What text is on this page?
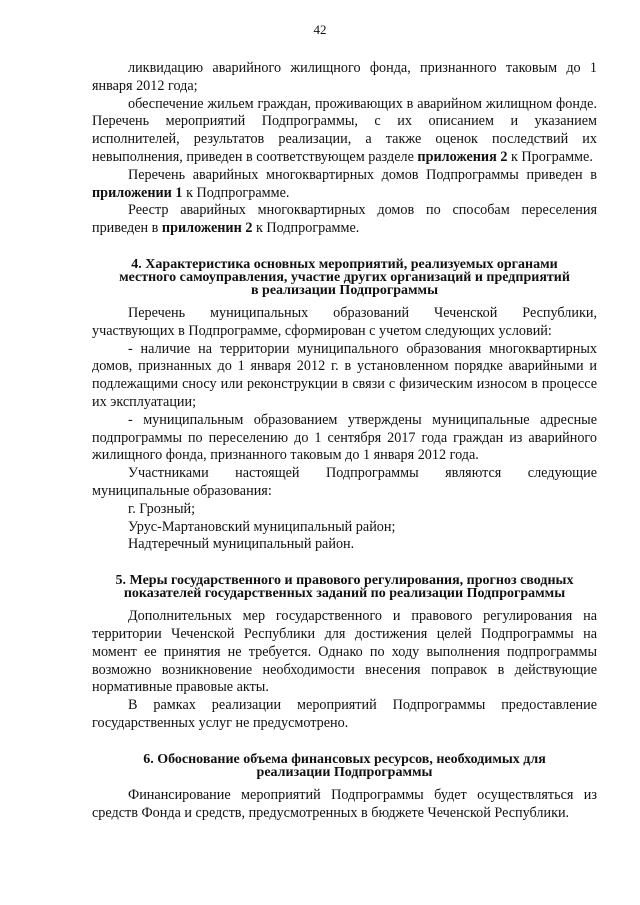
42

ликвидацию аварийного жилищного фонда, признанного таковым до 1 января 2012 года;

обеспечение жильем граждан, проживающих в аварийном жилищном фонде. Перечень мероприятий Подпрограммы, с их описанием и указанием исполнителей, результатов реализации, а также оценок последствий их невыполнения, приведен в соответствующем разделе приложения 2 к Программе.

Перечень аварийных многоквартирных домов Подпрограммы приведен в приложении 1 к Подпрограмме.

Реестр аварийных многоквартирных домов по способам переселения приведен в приложенин 2 к Подпрограмме.

4. Характеристика основных мероприятий, реализуемых органами
местного самоуправления, участие других организаций и предприятий
в реализации Подпрограммы

Перечень муниципальных образований Чеченской Республики, участвующих в Подпрограмме, сформирован с учетом следующих условий:

- наличие на территории муниципального образования многоквартирных домов, признанных до 1 января 2012 г. в установленном порядке аварийными и подлежащими сносу или реконструкции в связи с физическим износом в процессе их эксплуатации;

- муниципальным образованием утверждены муниципальные адресные подпрограммы по переселению до 1 сентября 2017 года граждан из аварийного жилищного фонда, признанного таковым до 1 января 2012 года.

Участниками настоящей Подпрограммы являются следующие муниципальные образования:

г. Грозный;

Урус-Мартановский муниципальный район;

Надтеречный муниципальный район.

5. Меры государственного и правового регулирования, прогноз сводных
показателей государственных заданий по реализации Подпрограммы

Дополнительных мер государственного и правового регулирования на территории Чеченской Республики для достижения целей Подпрограммы на момент ее принятия не требуется. Однако по ходу выполнения подпрограммы возможно возникновение необходимости внесения поправок в действующие нормативные правовые акты.

В рамках реализации мероприятий Подпрограммы предоставление государственных услуг не предусмотрено.

6. Обоснование объема финансовых ресурсов, необходимых для
реализации Подпрограммы

Финансирование мероприятий Подпрограммы будет осуществляться из средств Фонда и средств, предусмотренных в бюджете Чеченской Республики.
